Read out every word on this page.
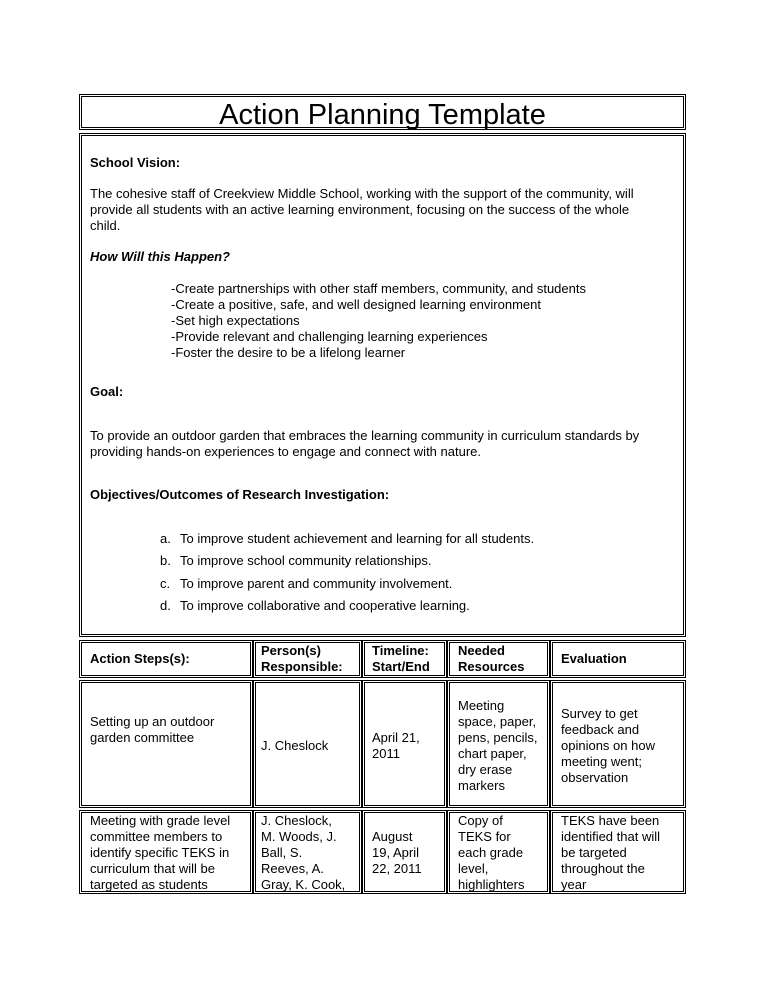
Action Planning Template
School Vision:
The cohesive staff of Creekview Middle School, working with the support of the community, will
provide all students with an active learning environment, focusing on the success of the whole
child.
How Will this Happen?
-Create partnerships with other staff members, community, and students
-Create a positive, safe, and well designed learning environment
-Set high expectations
-Provide relevant and challenging learning experiences
-Foster the desire to be a lifelong learner
Goal:
To provide an outdoor garden that embraces the learning community in curriculum standards by
providing hands-on experiences to engage and connect with nature.
Objectives/Outcomes of Research Investigation:
a. To improve student achievement and learning for all students.
b. To improve school community relationships.
c. To improve parent and community involvement.
d. To improve collaborative and cooperative learning.
Action Steps(s):
Person(s)
Responsible:
Timeline:
Start/End
Needed
Resources
Evaluation
Setting up an outdoor
garden committee
J. Cheslock
April 21,
2011
Meeting
space, paper,
pens, pencils,
chart paper,
dry erase
markers
Survey to get
feedback and
opinions on how
meeting went;
observation
Meeting with grade level
committee members to
identify specific TEKS in
curriculum that will be
targeted as students
J. Cheslock,
M. Woods, J.
Ball, S.
Reeves, A.
Gray, K. Cook,
August
19, April
22, 2011
Copy of
TEKS for
each grade
level,
highlighters
TEKS have been
identified that will
be targeted
throughout the
year
